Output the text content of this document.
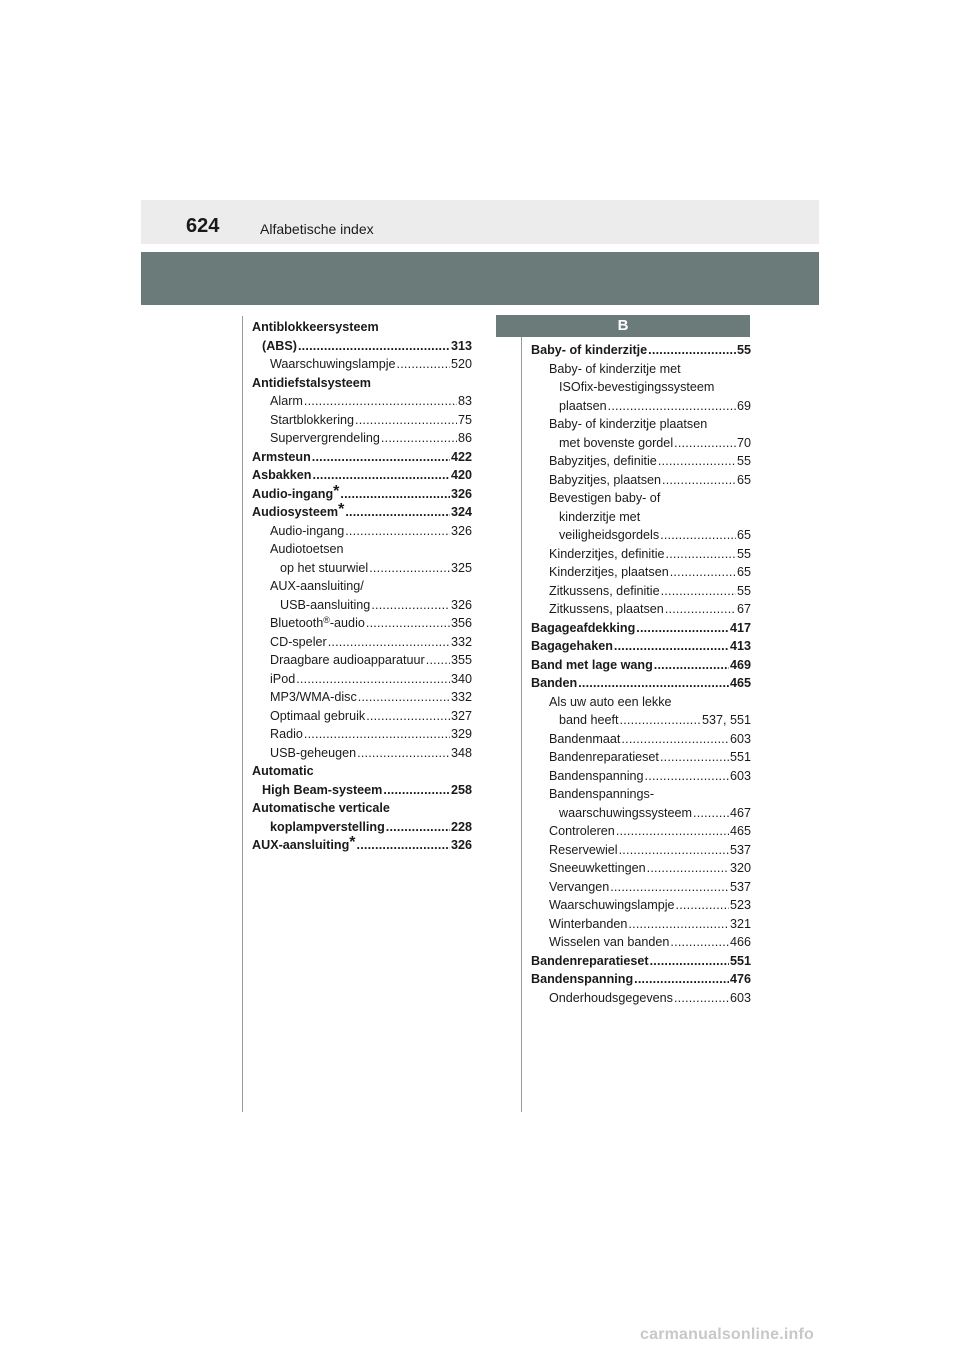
624	Alfabetische index
B
Antiblokkeersysteem
(ABS) .....	313
Waarschuwingslampje .....	520
Antidiefstalsysteem
Alarm .....	83
Startblokkering .....	75
Supervergrendeling .....	86
Armsteun .....	422
Asbakken .....	420
Audio-ingang* .....	326
Audiosysteem* .....	324
Audio-ingang .....	326
Audiotoetsen
op het stuurwiel .....	325
AUX-aansluiting/
USB-aansluiting .....	326
Bluetooth®-audio .....	356
CD-speler .....	332
Draagbare audioapparatuur ..... 355
iPod .....	340
MP3/WMA-disc .....	332
Optimaal gebruik .....	327
Radio .....	329
USB-geheugen .....	348
Automatic
High Beam-systeem .....	258
Automatische verticale
koplampverstelling .....	228
AUX-aansluiting* .....	326
Baby- of kinderzitje .....	55
Baby- of kinderzitje met
ISOfix-bevestigingssysteem
plaatsen .....	69
Baby- of kinderzitje plaatsen
met bovenste gordel .....	70
Babyzitjes, definitie .....	55
Babyzitjes, plaatsen .....	65
Bevestigen baby- of
kinderzitje met
veiligheidsgordels .....	65
Kinderzitjes, definitie .....	55
Kinderzitjes, plaatsen .....	65
Zitkussens, definitie .....	55
Zitkussens, plaatsen .....	67
Bagageafdekking .....	417
Bagagehaken .....	413
Band met lage wang .....	469
Banden .....	465
Als uw auto een lekke
band heeft .....	537, 551
Bandenmaat .....	603
Bandenreparatieset .....	551
Bandenspanning .....	603
Bandenspannings-
waarschuwingssysteem .....	467
Controleren .....	465
Reservewiel .....	537
Sneeuwkettingen .....	320
Vervangen .....	537
Waarschuwingslampje .....	523
Winterbanden .....	321
Wisselen van banden .....	466
Bandenreparatieset .....	551
Bandenspanning .....	476
Onderhoudsgegevens .....	603
carmanualsonline.info
